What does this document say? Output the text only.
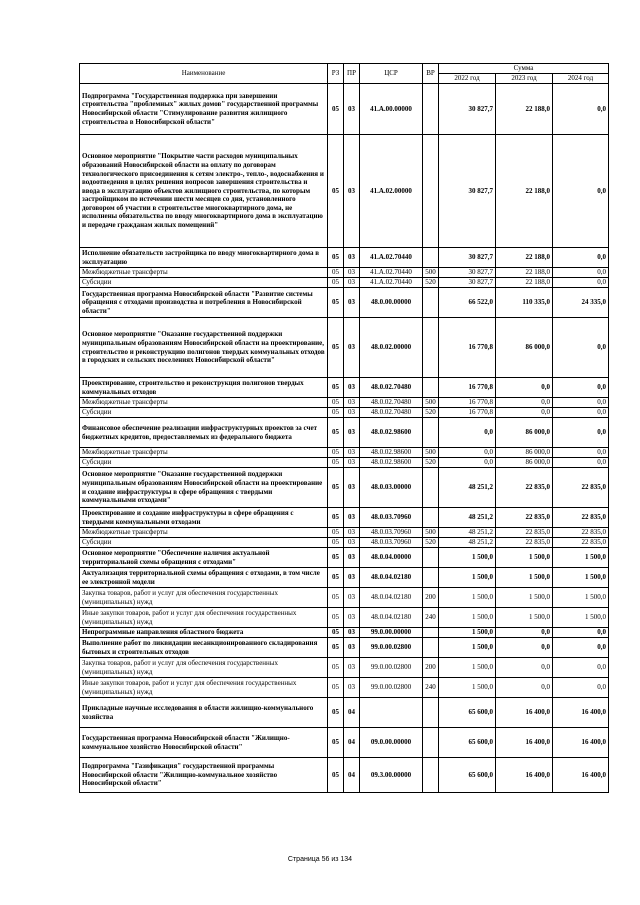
Наименование	РЗ	ПР	ЦСР	ВР	Сумма		
					2022 год	2023 год	2024 год
Подпрограмма "Государственная поддержка при завершении строительства "проблемных" жилых домов" государственной программы Новосибирской области "Стимулирование развития жилищного строительства в Новосибирской области"	05	03	41.А.00.00000		30 827,7	22 188,0	0,0
Основное мероприятие "Покрытие части расходов муниципальных образований Новосибирской области на оплату по договорам технологического присоединения к сетям электро-, тепло-, водоснабжения и водоотведения в целях решения вопросов завершения строительства и ввода в эксплуатацию объектов жилищного строительства, по которым застройщиком по истечении шести месяцев со дня, установленного договором об участии в строительстве многоквартирного дома, не исполнены обязательства по вводу многоквартирного дома в эксплуатацию и передаче гражданам жилых помещений"	05	03	41.А.02.00000		30 827,7	22 188,0	0,0
Исполнение обязательств застройщика по вводу многоквартирного дома в эксплуатацию	05	03	41.А.02.70440		30 827,7	22 188,0	0,0
Межбюджетные трансферты	05	03	41.А.02.70440	500	30 827,7	22 188,0	0,0
Субсидии	05	03	41.А.02.70440	520	30 827,7	22 188,0	0,0
Государственная программа Новосибирской области "Развитие системы обращения с отходами производства и потребления в Новосибирской области"	05	03	48.0.00.00000		66 522,0	110 335,0	24 335,0
Основное мероприятие "Оказание государственной поддержки муниципальным образованиям Новосибирской области на проектирование, строительство и реконструкцию полигонов твердых коммунальных отходов в городских и сельских поселениях Новосибирской области"	05	03	48.0.02.00000		16 770,8	86 000,0	0,0
Проектирование, строительство и реконструкция полигонов твердых коммунальных отходов	05	03	48.0.02.70480		16 770,8	0,0	0,0
Межбюджетные трансферты	05	03	48.0.02.70480	500	16 770,8	0,0	0,0
Субсидии	05	03	48.0.02.70480	520	16 770,8	0,0	0,0
Финансовое обеспечение реализации инфраструктурных проектов за счет бюджетных кредитов, предоставляемых из федерального бюджета	05	03	48.0.02.98600		0,0	86 000,0	0,0
Межбюджетные трансферты	05	03	48.0.02.98600	500	0,0	86 000,0	0,0
Субсидии	05	03	48.0.02.98600	520	0,0	86 000,0	0,0
Основное мероприятие "Оказание государственной поддержки муниципальным образованиям Новосибирской области на проектирование и создание инфраструктуры в сфере обращения с твердыми коммунальными отходами"	05	03	48.0.03.00000		48 251,2	22 835,0	22 835,0
Проектирование и создание инфраструктуры в сфере обращения с твердыми коммунальными отходами	05	03	48.0.03.70960		48 251,2	22 835,0	22 835,0
Межбюджетные трансферты	05	03	48.0.03.70960	500	48 251,2	22 835,0	22 835,0
Субсидии	05	03	48.0.03.70960	520	48 251,2	22 835,0	22 835,0
Основное мероприятие "Обеспечение наличия актуальной территориальной схемы обращения с отходами"	05	03	48.0.04.00000		1 500,0	1 500,0	1 500,0
Актуализация территориальной схемы обращения с отходами, в том числе ее электронной модели	05	03	48.0.04.02180		1 500,0	1 500,0	1 500,0
Закупка товаров, работ и услуг для обеспечения государственных (муниципальных) нужд	05	03	48.0.04.02180	200	1 500,0	1 500,0	1 500,0
Иные закупки товаров, работ и услуг для обеспечения государственных (муниципальных) нужд	05	03	48.0.04.02180	240	1 500,0	1 500,0	1 500,0
Непрограммные направления областного бюджета	05	03	99.0.00.00000		1 500,0	0,0	0,0
Выполнение работ по ликвидации несанкционированного складирования бытовых и строительных отходов	05	03	99.0.00.02800		1 500,0	0,0	0,0
Закупка товаров, работ и услуг для обеспечения государственных (муниципальных) нужд	05	03	99.0.00.02800	200	1 500,0	0,0	0,0
Иные закупки товаров, работ и услуг для обеспечения государственных (муниципальных) нужд	05	03	99.0.00.02800	240	1 500,0	0,0	0,0
Прикладные научные исследования в области жилищно-коммунального хозяйства	05	04			65 600,0	16 400,0	16 400,0
Государственная программа Новосибирской области "Жилищно-коммунальное хозяйство Новосибирской области"	05	04	09.0.00.00000		65 600,0	16 400,0	16 400,0
Подпрограмма "Газификация" государственной программы Новосибирской области "Жилищно-коммунальное хозяйство Новосибирской области"	05	04	09.3.00.00000		65 600,0	16 400,0	16 400,0
Страница 56 из 134
